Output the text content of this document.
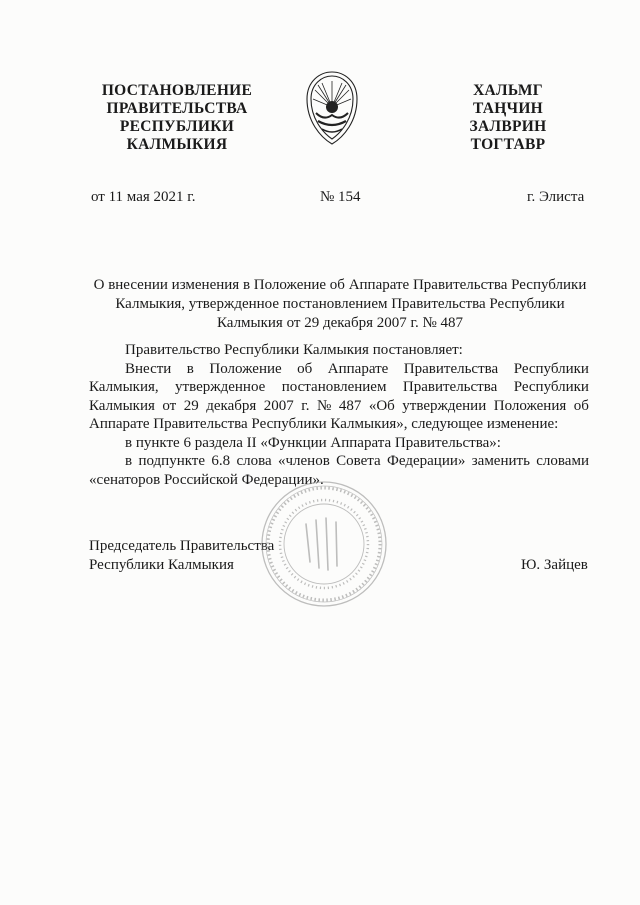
ПОСТАНОВЛЕНИЕ
ПРАВИТЕЛЬСТВА
РЕСПУБЛИКИ
КАЛМЫКИЯ
ХАЛЬМГ
ТАҢЧИН
ЗАЛВРИН
ТОГТАВР
от 11 мая 2021 г.	№ 154	г. Элиста
О внесении изменения в Положение об Аппарате Правительства Республики
Калмыкия, утвержденное постановлением Правительства Республики
Калмыкия от 29 декабря 2007 г. № 487
Правительство Республики Калмыкия постановляет:
Внести в Положение об Аппарате Правительства Республики
Калмыкия, утвержденное постановлением Правительства Республики
Калмыкия от 29 декабря 2007 г. № 487 «Об утверждении Положения об
Аппарате Правительства Республики Калмыкия», следующее изменение:
в пункте 6 раздела II «Функции Аппарата Правительства»:
в подпункте 6.8 слова «членов Совета Федерации» заменить словами
«сенаторов Российской Федерации».
Председатель Правительства
Республики Калмыкия	Ю. Зайцев
